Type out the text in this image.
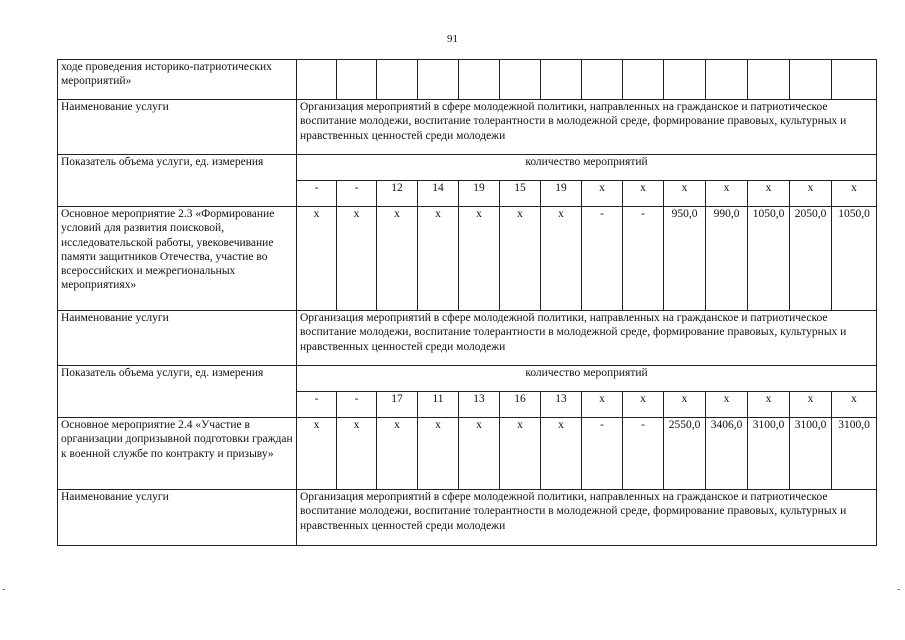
91
ходе проведения историко-патриотических мероприятий»														
Наименование услуги	Организация мероприятий в сфере молодежной политики, направленных на гражданское и патриотическое воспитание молодежи, воспитание толерантности в молодежной среде, формирование правовых, культурных и нравственных ценностей среди молодежи													
Показатель объема услуги, ед. измерения	количество мероприятий													
	-	-	12	14	19	15	19	x	x	x	x	x	x	x
Основное мероприятие 2.3 «Формирование условий для развития поисковой, исследовательской работы, увековечивание памяти защитников Отечества, участие во всероссийских и межрегиональных мероприятиях»	x	x	x	x	x	x	x	-	-	950,0	990,0	1050,0	2050,0	1050,0
Наименование услуги	Организация мероприятий в сфере молодежной политики, направленных на гражданское и патриотическое воспитание молодежи, воспитание толерантности в молодежной среде, формирование правовых, культурных и нравственных ценностей среди молодежи													
Показатель объема услуги, ед. измерения	количество мероприятий													
	-	-	17	11	13	16	13	x	x	x	x	x	x	x
Основное мероприятие 2.4 «Участие в организации допризывной подготовки граждан к военной службе по контракту и призыву»	x	x	x	x	x	x	x	-	-	2550,0	3406,0	3100,0	3100,0	3100,0
Наименование услуги	Организация мероприятий в сфере молодежной политики, направленных на гражданское и патриотическое воспитание молодежи, воспитание толерантности в молодежной среде, формирование правовых, культурных и нравственных ценностей среди молодежи													
-	-
